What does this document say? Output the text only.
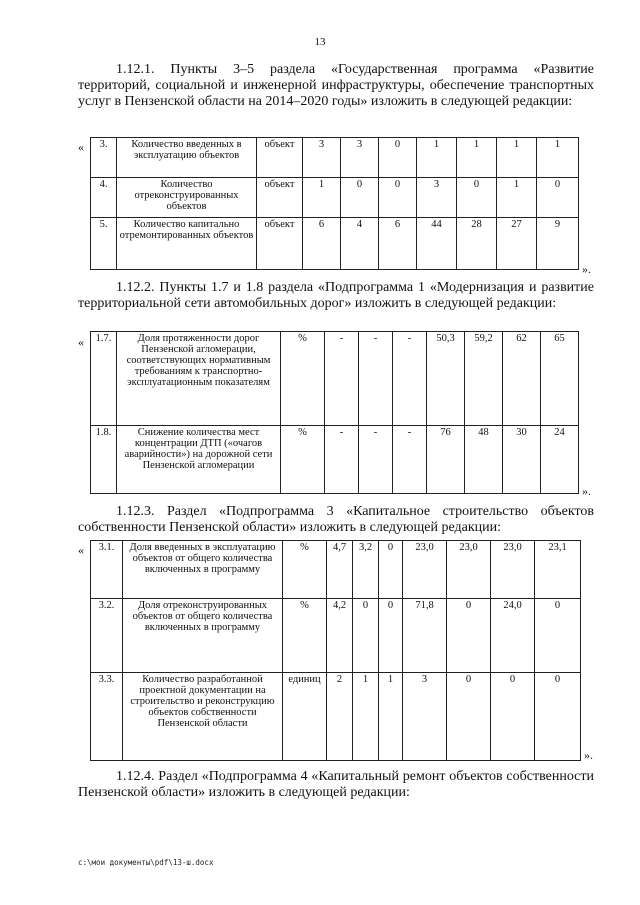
13
1.12.1. Пункты 3–5 раздела «Государственная программа «Развитие территорий, социальной и инженерной инфраструктуры, обеспечение транспортных услуг в Пензенской области на 2014–2020 годы» изложить в следующей редакции:
« 3.	Количество введенных в эксплуатацию объектов	объект	3	3	0	1	1	1	1
4.	Количество отреконструированных объектов	объект	1	0	0	3	0	1	0
5.	Количество капитально отремонтированных объектов	объект	6	4	6	44	28	27	9
».
1.12.2. Пункты 1.7 и 1.8 раздела «Подпрограмма 1 «Модернизация и развитие территориальной сети автомобильных дорог» изложить в следующей редакции:
« 1.7.	Доля протяженности дорог Пензенской агломерации, соответствующих нормативным требованиям к транспортно-эксплуатационным показателям	%	-	-	-	50,3	59,2	62	65
1.8.	Снижение количества мест концентрации ДТП («очагов аварийности») на дорожной сети Пензенской агломерации	%	-	-	-	76	48	30	24
».
1.12.3. Раздел «Подпрограмма 3 «Капитальное строительство объектов собственности Пензенской области» изложить в следующей редакции:
« 3.1.	Доля введенных в эксплуатацию объектов от общего количества включенных в программу	%	4,7	3,2	0	23,0	23,0	23,0	23,1
3.2.	Доля отреконструированных объектов от общего количества включенных в программу	%	4,2	0	0	71,8	0	24,0	0
3.3.	Количество разработанной проектной документации на строительство и реконструкцию объектов собственности Пензенской области	единиц	2	1	1	3	0	0	0
».
1.12.4. Раздел «Подпрограмма 4 «Капитальный ремонт объектов собственности Пензенской области» изложить в следующей редакции:
c:\мои документы\pdf\13-ш.docx
